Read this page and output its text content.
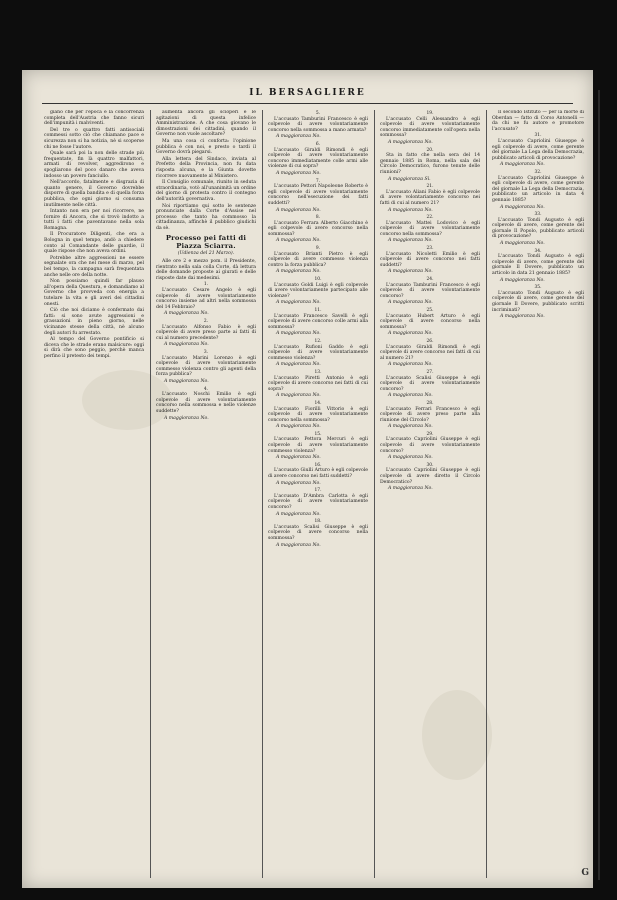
IL BERSAGLIERE

giano che per l'epoca e la concorrenza completa dell'Austria che fanno sicuri dell'impunità i malviventi.

Del tre o quattro fatti antisociali commessi sotto ciò che chiamano pace e sicurezza non si ha notizia, nè si scoperse chi ne fosse l'autore.

Quale sarà poi la non delle strade più frequentate, fin là quattro malfattori, armati di revolver, aggredirono e spogliarono del poco danaro che aveva indosso un povero fanciullo.

Nell'accordo, fatalmente e disgrazia di quanto genere, il Governo dovrebbe disporre di quella bandita e di quella forza pubblica, che ogni giorno si consuma inutilmente nelle città.

Intanto non era per noi ricorrere, ne fornire di Ancora, che si trovò indotto a tutti i fatti che paventavano nella sola Romagna.

Il Procuratore Diligenti, che era a Bologna in quel tempo, andò a chiedere conto al Comandante delle guardie, il quale rispose che non aveva ordini.

Potrebbe altre aggressioni ne essere segnalate ora che nel mese di marzo, pel bel tempo, la campagna sarà frequentata anche nelle ore della notte.

Non possiamo quindi far plauso all'opera della Questura, e domandiamo al Governo che provveda con energia a tutelare la vita e gli averi dei cittadini onesti.

Ciò che noi diciamo è confermato dai fatti: si sono avute aggressioni e grassazioni in pieno giorno, nelle vicinanze stesse della città, nè alcuno degli autori fu arrestato.

Al tempo del Governo pontificio si diceva che le strade erano malsicure: oggi si dirà che sono peggio, perchè manca perfino il pretesto dei tempi.

aumenta ancora gli scioperi e le agitazioni di questa infelice Amministrazione. A che cosa giovano le dimostrazioni dei cittadini, quando il Governo non vuole ascoltare?

Ma una cosa ci conforta: l'opinione pubblica è con noi, e presto o tardi il Governo dovrà piegarsi.

Alla lettera del Sindaco, inviata al Prefetto della Provincia, non fu data risposta alcuna, e la Giunta dovette ricorrere nuovamente al Ministero.

Il Consiglio comunale, riunito in seduta straordinaria, votò all'unanimità un ordine del giorno di protesta contro il contegno dell'autorità governativa.

Noi riportiamo qui sotto le sentenze pronunciate dalla Corte d'Assise nel processo che tanto ha commosso la cittadinanza, affinchè il pubblico giudichi da sè.

Processo pei fatti di Piazza Sciarra.
(Udienza del 21 Marzo).

Alle ore 2 e mezzo pom. il Presidente, rientrato nella sala colla Corte, dà lettura delle domande proposte ai giurati e delle risposte date dai medesimi.

1.

L'accusato Cesare Angelo è egli colpevole di avere volontariamente concorso insieme ad altri nella sommossa del 14 Febbraio?

A maggioranza No.
2.

L'accusato Alfonso Fabio è egli colpevole di avere preso parte ai fatti di cui al numero precedente?

A maggioranza No.
3.

L'accusato Marini Lorenzo è egli colpevole di avere volontariamente commesso violenza contro gli agenti della forza pubblica?

A maggioranza No.
4.

L'accusato Noschi Emilio è egli colpevole di avere volontariamente concorso nella sommossa e nelle violenze suddette?

A maggioranza No.
5.

L'accusato Tamburini Francesco è egli colpevole di avere volontariamente concorso nella sommossa a mano armata?

A maggioranza No.
6.

L'accusato Giraldi Rimondi è egli colpevole di avere volontariamente concorso immediatamente colle armi alle violenze di cui sopra?

A maggioranza No.
7.

L'accusato Pettori Napoleone Roberto è egli colpevole di avere volontariamente concorso nell'esecuzione dei fatti suddetti?

A maggioranza No.
8.

L'accusato Ferrara Alberto Giacchino è egli colpevole di avere concorso nella sommossa?

A maggioranza No.
9.

L'accusato Brianti Pietro è egli colpevole di avere commesso violenza contro la forza pubblica?

A maggioranza No.
10.

L'accusato Goldi Luigi è egli colpevole di avere volontariamente partecipato alle violenze?

A maggioranza No.
11.

L'accusato Francesco Savelli è egli colpevole di avere concorso colle armi alla sommossa?

A maggioranza No.
12.

L'accusato Rufioni Gaddo è egli colpevole di avere volontariamente commesso violenza?

A maggioranza No.
13.

L'accusato Piretti Antonio è egli colpevole di avere concorso nei fatti di cui sopra?

A maggioranza No.
14.

L'accusato Fiorilli Vittorio è egli colpevole di avere volontariamente concorso nella sommossa?

A maggioranza No.
15.

L'accusato Pettora Mercuri è egli colpevole di avere volontariamente commesso violenza?

A maggioranza No.
16.

L'accusato Giulli Arturo è egli colpevole di avere concorso nei fatti suddetti?

A maggioranza No.
17.

L'accusato D'Ambra Carlotta è egli colpevole di avere volontariamente concorso?

A maggioranza No.
18.

L'accusato Scalisi Giuseppe è egli colpevole di avere concorso nella sommossa?

A maggioranza No.
19.

L'accusato Celli Alessandro è egli colpevole di avere volontariamente concorso immediatamente coll'opera nella sommossa?

A maggioranza No.
20.

Sta in fatto che nella sera del 14 gennaio 1885 in Roma, nella sala del Circolo Democratico, furono tenute delle riunioni?

A maggioranza Sì.
21.

L'accusato Aliani Fabio è egli colpevole di avere volontariamente concorso nei fatti di cui al numero 21?

A maggioranza No.
22.

L'accusato Mattei Lodovico è egli colpevole di avere volontariamente concorso nella sommossa?

A maggioranza No.
23.

L'accusato Nicoletti Emilio è egli colpevole di avere concorso nei fatti suddetti?

A maggioranza No.
24.

L'accusato Tamburini Francesco è egli colpevole di avere volontariamente concorso?

A maggioranza No.
25.

L'accusato Hubert Arturo è egli colpevole di avere concorso nella sommossa?

A maggioranza No.
26.

L'accusato Giraldi Rimondi è egli colpevole di avere concorso nei fatti di cui al numero 21?

A maggioranza No.
27.

L'accusato Scalisi Giuseppe è egli colpevole di avere volontariamente concorso?

A maggioranza No.
28.

L'accusato Ferrari Francesco è egli colpevole di avere preso parte alla riunione del Circolo?

A maggioranza No.
29.

L'accusato Capriolini Giuseppe è egli colpevole di avere volontariamente concorso?

A maggioranza No.
30.

L'accusato Capriolini Giuseppe è egli colpevole di avere diretto il Circolo Democratico?

A maggioranza No.

Il secondo Istituto — per la morte di Oberdan — fatto di Corso Antonelli — da chi ne fu autore e promotore l'accusato?

31.

L'accusato Capriolini Giuseppe è egli colpevole di avere, come gerente del giornale La Lega della Democrazia, pubblicato articoli di provocazione?

A maggioranza No.
32.

L'accusato Capriolini Giuseppe è egli colpevole di avere, come gerente del giornale La Lega della Democrazia, pubblicato un articolo in data 4 gennaio 1885?

A maggioranza No.
33.

L'accusato Tondi Augusto è egli colpevole di avere, come gerente del giornale Il Popolo, pubblicato articoli di provocazione?

A maggioranza No.
34.

L'accusato Tondi Augusto è egli colpevole di avere, come gerente del giornale Il Dovere, pubblicato un articolo in data 21 gennaio 1885?

A maggioranza No.
35.

L'accusato Tondi Augusto è egli colpevole di avere, come gerente del giornale Il Dovere, pubblicato scritti incriminati?

A maggioranza No.
G
